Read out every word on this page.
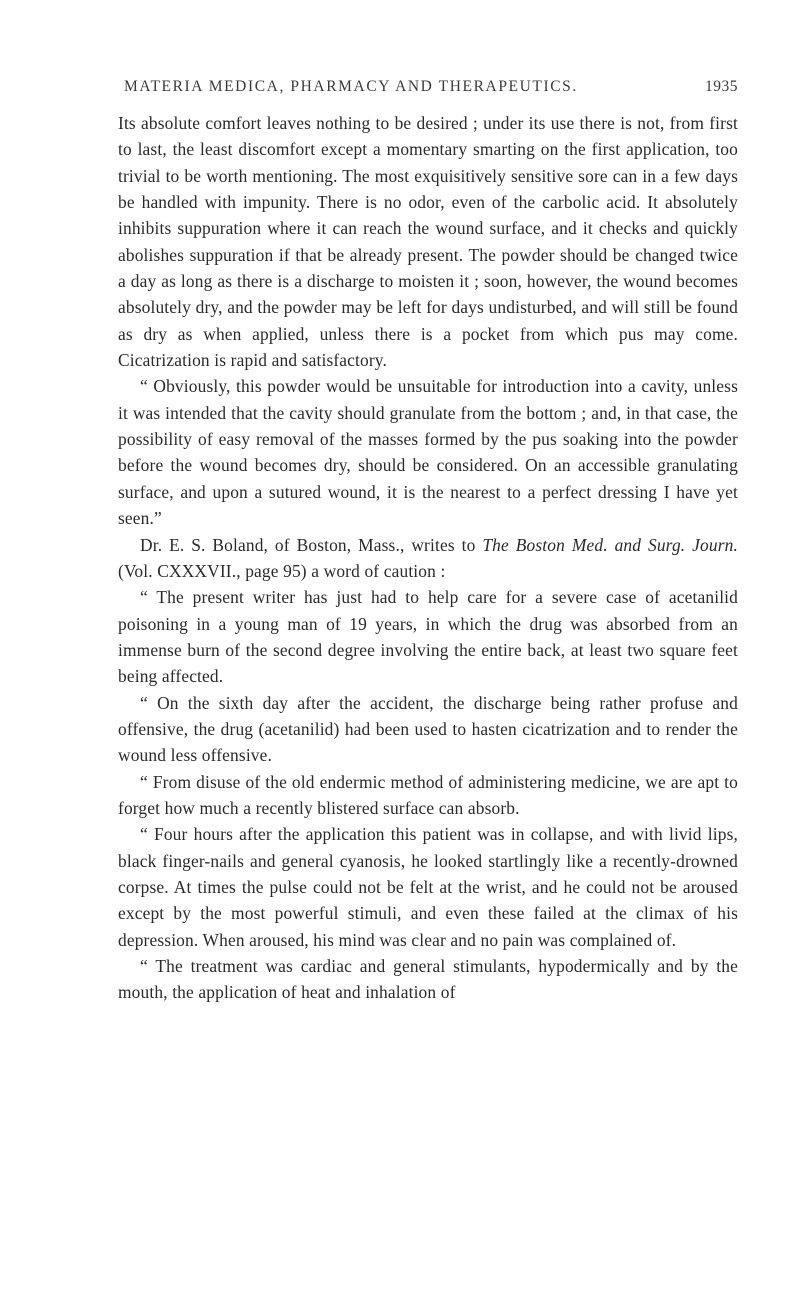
MATERIA MEDICA, PHARMACY AND THERAPEUTICS.	1935

Its absolute comfort leaves nothing to be desired ; under its use there is not, from first to last, the least discomfort except a momentary smarting on the first application, too trivial to be worth mentioning. The most exquisitively sensitive sore can in a few days be handled with impunity. There is no odor, even of the carbolic acid. It absolutely inhibits suppuration where it can reach the wound surface, and it checks and quickly abolishes suppuration if that be already present. The powder should be changed twice a day as long as there is a discharge to moisten it ; soon, however, the wound becomes absolutely dry, and the powder may be left for days undisturbed, and will still be found as dry as when applied, unless there is a pocket from which pus may come. Cicatrization is rapid and satisfactory.

“ Obviously, this powder would be unsuitable for introduction into a cavity, unless it was intended that the cavity should granulate from the bottom ; and, in that case, the possibility of easy removal of the masses formed by the pus soaking into the powder before the wound becomes dry, should be considered. On an accessible granulating surface, and upon a sutured wound, it is the nearest to a perfect dressing I have yet seen.”

Dr. E. S. Boland, of Boston, Mass., writes to The Boston Med. and Surg. Journ. (Vol. CXXXVII., page 95) a word of caution :

“ The present writer has just had to help care for a severe case of acetanilid poisoning in a young man of 19 years, in which the drug was absorbed from an immense burn of the second degree involving the entire back, at least two square feet being affected.

“ On the sixth day after the accident, the discharge being rather profuse and offensive, the drug (acetanilid) had been used to hasten cicatrization and to render the wound less offensive.

“ From disuse of the old endermic method of administering medicine, we are apt to forget how much a recently blistered surface can absorb.

“ Four hours after the application this patient was in collapse, and with livid lips, black finger-nails and general cyanosis, he looked startlingly like a recently-drowned corpse. At times the pulse could not be felt at the wrist, and he could not be aroused except by the most powerful stimuli, and even these failed at the climax of his depression. When aroused, his mind was clear and no pain was complained of.

“ The treatment was cardiac and general stimulants, hypodermically and by the mouth, the application of heat and inhalation of
